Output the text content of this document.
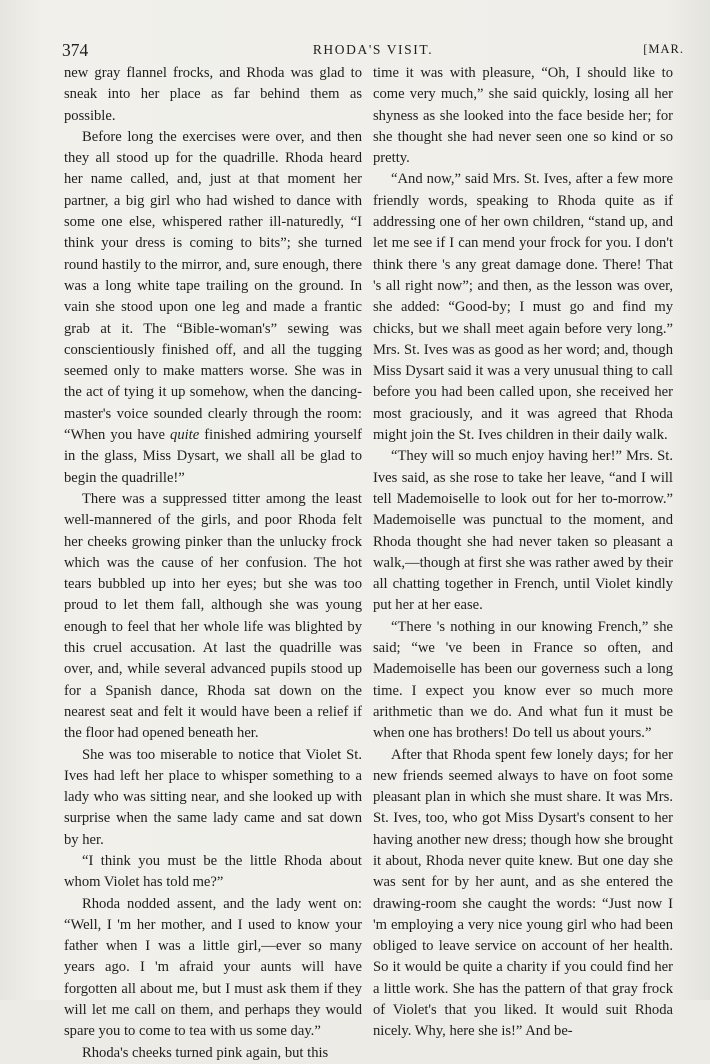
374	RHODA'S VISIT.	[MAR.

new gray flannel frocks, and Rhoda was glad to sneak into her place as far behind them as possible.

Before long the exercises were over, and then they all stood up for the quadrille. Rhoda heard her name called, and, just at that moment her partner, a big girl who had wished to dance with some one else, whispered rather ill-naturedly, “I think your dress is coming to bits”; she turned round hastily to the mirror, and, sure enough, there was a long white tape trailing on the ground. In vain she stood upon one leg and made a frantic grab at it. The “Bible-woman's” sewing was conscientiously finished off, and all the tugging seemed only to make matters worse. She was in the act of tying it up somehow, when the dancing-master's voice sounded clearly through the room: “When you have quite finished admiring yourself in the glass, Miss Dysart, we shall all be glad to begin the quadrille!”

There was a suppressed titter among the least well-mannered of the girls, and poor Rhoda felt her cheeks growing pinker than the unlucky frock which was the cause of her confusion. The hot tears bubbled up into her eyes; but she was too proud to let them fall, although she was young enough to feel that her whole life was blighted by this cruel accusation. At last the quadrille was over, and, while several advanced pupils stood up for a Spanish dance, Rhoda sat down on the nearest seat and felt it would have been a relief if the floor had opened beneath her.

She was too miserable to notice that Violet St. Ives had left her place to whisper something to a lady who was sitting near, and she looked up with surprise when the same lady came and sat down by her.

“I think you must be the little Rhoda about whom Violet has told me?”

Rhoda nodded assent, and the lady went on: “Well, I 'm her mother, and I used to know your father when I was a little girl,—ever so many years ago. I 'm afraid your aunts will have forgotten all about me, but I must ask them if they will let me call on them, and perhaps they would spare you to come to tea with us some day.”

Rhoda's cheeks turned pink again, but this

time it was with pleasure, “Oh, I should like to come very much,” she said quickly, losing all her shyness as she looked into the face beside her; for she thought she had never seen one so kind or so pretty.

“And now,” said Mrs. St. Ives, after a few more friendly words, speaking to Rhoda quite as if addressing one of her own children, “stand up, and let me see if I can mend your frock for you. I don't think there 's any great damage done. There! That 's all right now”; and then, as the lesson was over, she added: “Good-by; I must go and find my chicks, but we shall meet again before very long.” Mrs. St. Ives was as good as her word; and, though Miss Dysart said it was a very unusual thing to call before you had been called upon, she received her most graciously, and it was agreed that Rhoda might join the St. Ives children in their daily walk.

“They will so much enjoy having her!” Mrs. St. Ives said, as she rose to take her leave, “and I will tell Mademoiselle to look out for her to-morrow.” Mademoiselle was punctual to the moment, and Rhoda thought she had never taken so pleasant a walk,—though at first she was rather awed by their all chatting together in French, until Violet kindly put her at her ease.

“There 's nothing in our knowing French,” she said; “we 've been in France so often, and Mademoiselle has been our governess such a long time. I expect you know ever so much more arithmetic than we do. And what fun it must be when one has brothers! Do tell us about yours.”

After that Rhoda spent few lonely days; for her new friends seemed always to have on foot some pleasant plan in which she must share. It was Mrs. St. Ives, too, who got Miss Dysart's consent to her having another new dress; though how she brought it about, Rhoda never quite knew. But one day she was sent for by her aunt, and as she entered the drawing-room she caught the words: “Just now I 'm employing a very nice young girl who had been obliged to leave service on account of her health. So it would be quite a charity if you could find her a little work. She has the pattern of that gray frock of Violet's that you liked. It would suit Rhoda nicely. Why, here she is!” And be-
